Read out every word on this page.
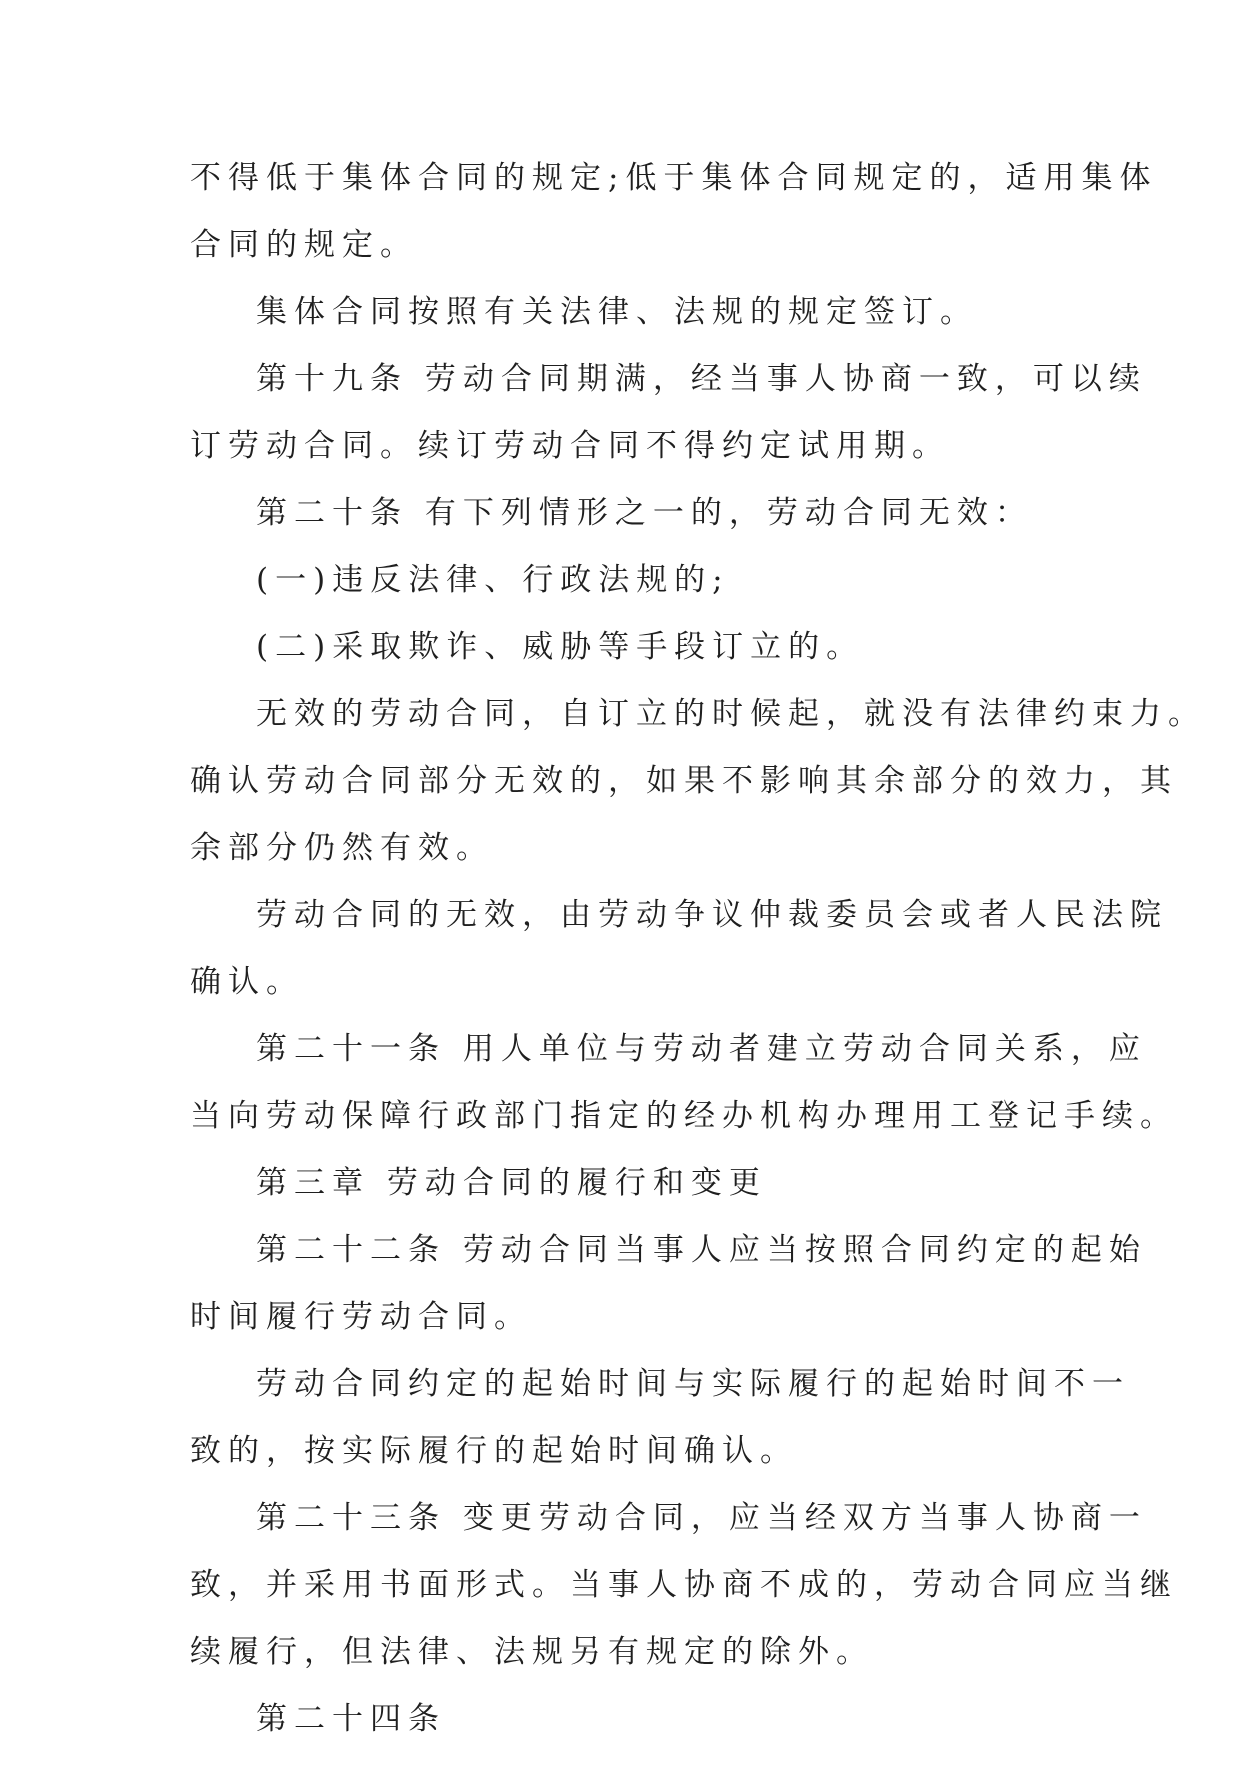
不得低于集体合同的规定;低于集体合同规定的，适用集体
合同的规定。
集体合同按照有关法律、法规的规定签订。
第十九条 劳动合同期满，经当事人协商一致，可以续
订劳动合同。续订劳动合同不得约定试用期。
第二十条 有下列情形之一的，劳动合同无效：
(一)违反法律、行政法规的;
(二)采取欺诈、威胁等手段订立的。
无效的劳动合同，自订立的时候起，就没有法律约束力。
确认劳动合同部分无效的，如果不影响其余部分的效力，其
余部分仍然有效。
劳动合同的无效，由劳动争议仲裁委员会或者人民法院
确认。
第二十一条 用人单位与劳动者建立劳动合同关系，应
当向劳动保障行政部门指定的经办机构办理用工登记手续。
第三章 劳动合同的履行和变更
第二十二条 劳动合同当事人应当按照合同约定的起始
时间履行劳动合同。
劳动合同约定的起始时间与实际履行的起始时间不一
致的，按实际履行的起始时间确认。
第二十三条 变更劳动合同，应当经双方当事人协商一
致，并采用书面形式。当事人协商不成的，劳动合同应当继
续履行，但法律、法规另有规定的除外。
第二十四条
